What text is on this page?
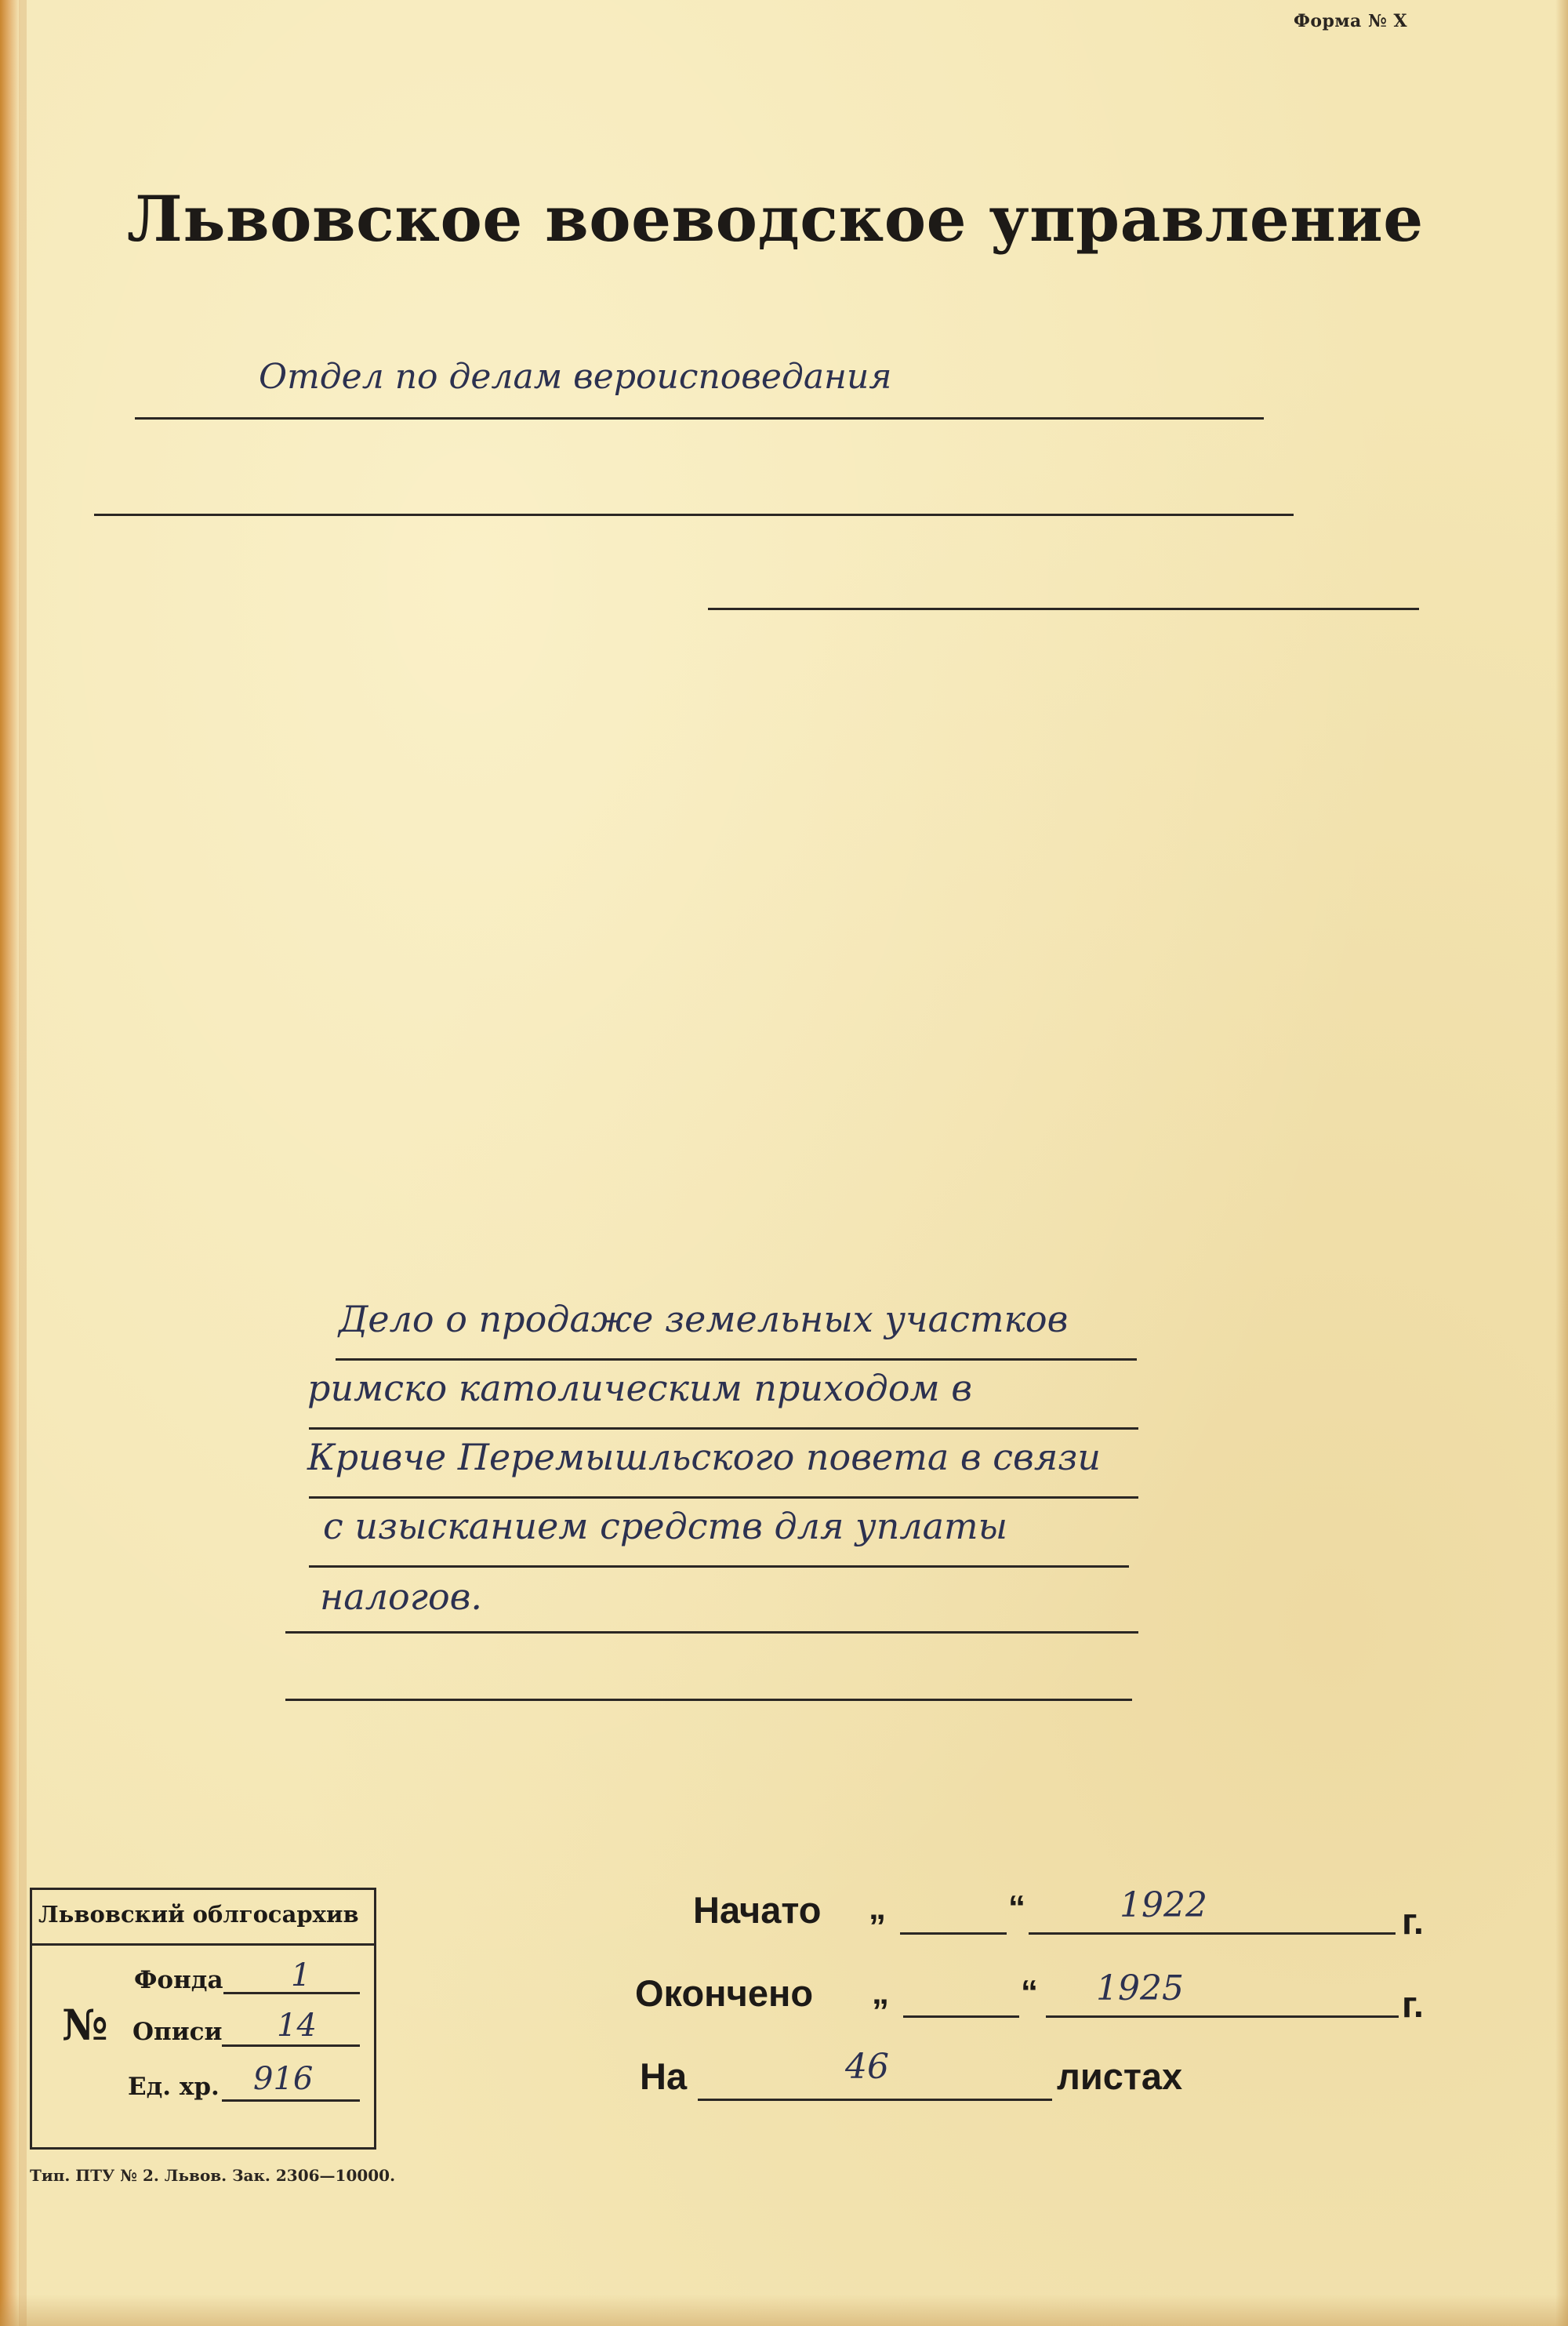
Форма № X
Львовское воеводское управление
Отдел по делам вероисповедания
Дело о продаже земельных участков
римско католическим приходом в
Кривче Перемышльского повета в связи
с изысканием средств для уплаты
налогов.
Львовский облгосархив
№
Фонда 1
Описи 14
Ед. хр. 916
Тип. ПТУ № 2. Львов. Зак. 2306—10000.
Начато „	“	1922	г.
Окончено „	“ 1925	г.
На	46	листах
